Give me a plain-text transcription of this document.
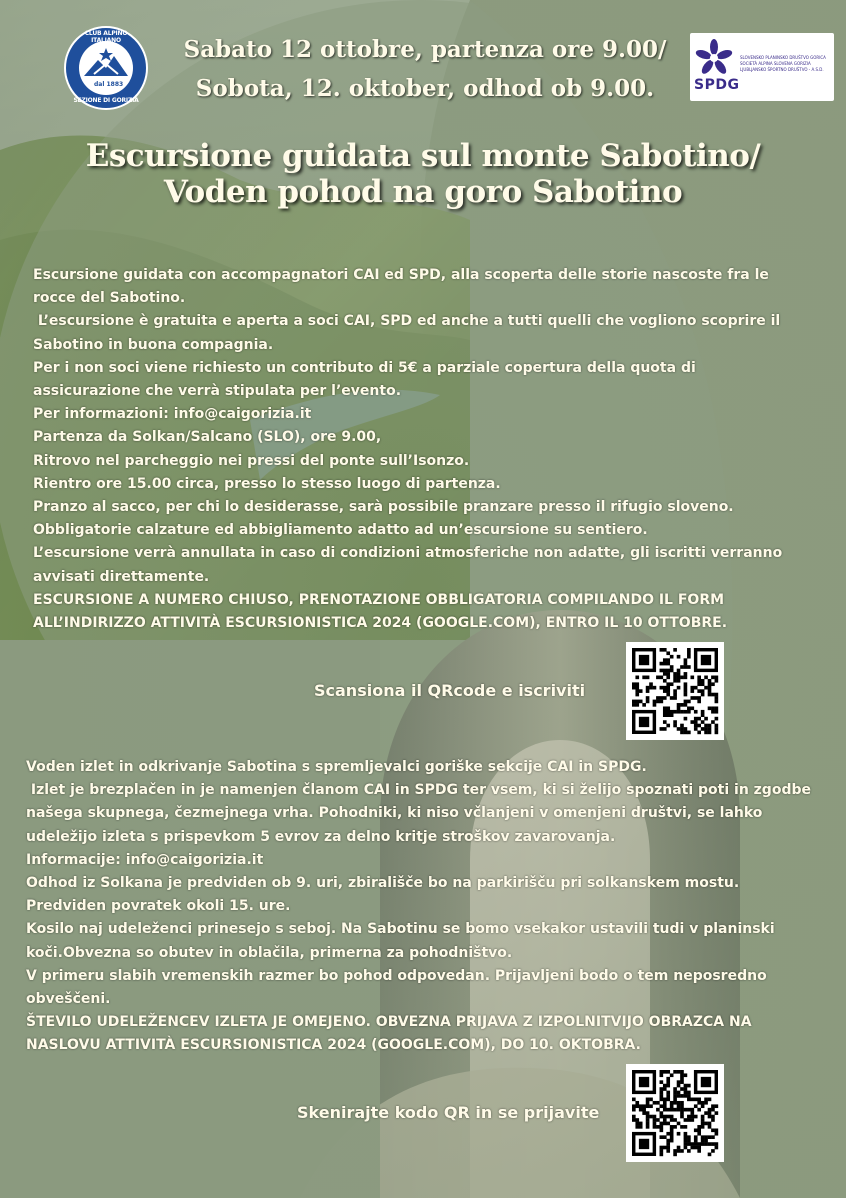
dal 1883
CLUB ALPINO ITALIANO
SEZIONE DI GORIZIA
SPDG
SLOVENSKO PLANINSKO DRUŠTVO GORICA
SOCIETÀ ALPINA SLOVENA GORIZIA
LJUBLJANSKO ŠPORTNO DRUŠTVO - A.S.D.
Sabato 12 ottobre, partenza ore 9.00/
Sobota, 12. oktober, odhod ob 9.00.
Escursione guidata sul monte Sabotino/
Voden pohod na goro Sabotino

Escursione guidata con accompagnatori CAI ed SPD, alla scoperta delle storie nascoste fra le

rocce del Sabotino.

L’escursione è gratuita e aperta a soci CAI, SPD ed anche a tutti quelli che vogliono scoprire il

Sabotino in buona compagnia.

Per i non soci viene richiesto un contributo di 5€ a parziale copertura della quota di

assicurazione che verrà stipulata per l’evento.

Per informazioni: info@caigorizia.it

Partenza da Solkan/Salcano (SLO), ore 9.00,

Ritrovo nel parcheggio nei pressi del ponte sull’Isonzo.

Rientro ore 15.00 circa, presso lo stesso luogo di partenza.

Pranzo al sacco, per chi lo desiderasse, sarà possibile pranzare presso il rifugio sloveno.

Obbligatorie calzature ed abbigliamento adatto ad un’escursione su sentiero.

L’escursione verrà annullata in caso di condizioni atmosferiche non adatte, gli iscritti verranno

avvisati direttamente.

ESCURSIONE A NUMERO CHIUSO, PRENOTAZIONE OBBLIGATORIA COMPILANDO IL FORM

ALL’INDIRIZZO ATTIVITÀ ESCURSIONISTICA 2024 (GOOGLE.COM), ENTRO IL 10 OTTOBRE.

Scansiona il QRcode e iscriviti

Voden izlet in odkrivanje Sabotina s spremljevalci goriške sekcije CAI in SPDG.

Izlet je brezplačen in je namenjen članom CAI in SPDG ter vsem, ki si želijo spoznati poti in zgodbe

našega skupnega, čezmejnega vrha. Pohodniki, ki niso včlanjeni v omenjeni društvi, se lahko

udeležijo izleta s prispevkom 5 evrov za delno kritje stroškov zavarovanja.

Informacije: info@caigorizia.it

Odhod iz Solkana je predviden ob 9. uri, zbirališče bo na parkirišču pri solkanskem mostu.

Predviden povratek okoli 15. ure.

Kosilo naj udeleženci prinesejo s seboj. Na Sabotinu se bomo vsekakor ustavili tudi v planinski

koči.Obvezna so obutev in oblačila, primerna za pohodništvo.

V primeru slabih vremenskih razmer bo pohod odpovedan. Prijavljeni bodo o tem neposredno

obveščeni.

ŠTEVILO UDELEŽENCEV IZLETA JE OMEJENO. OBVEZNA PRIJAVA Z IZPOLNITVIJO OBRAZCA NA

NASLOVU ATTIVITÀ ESCURSIONISTICA 2024 (GOOGLE.COM), DO 10. OKTOBRA.

Skenirajte kodo QR in se prijavite
